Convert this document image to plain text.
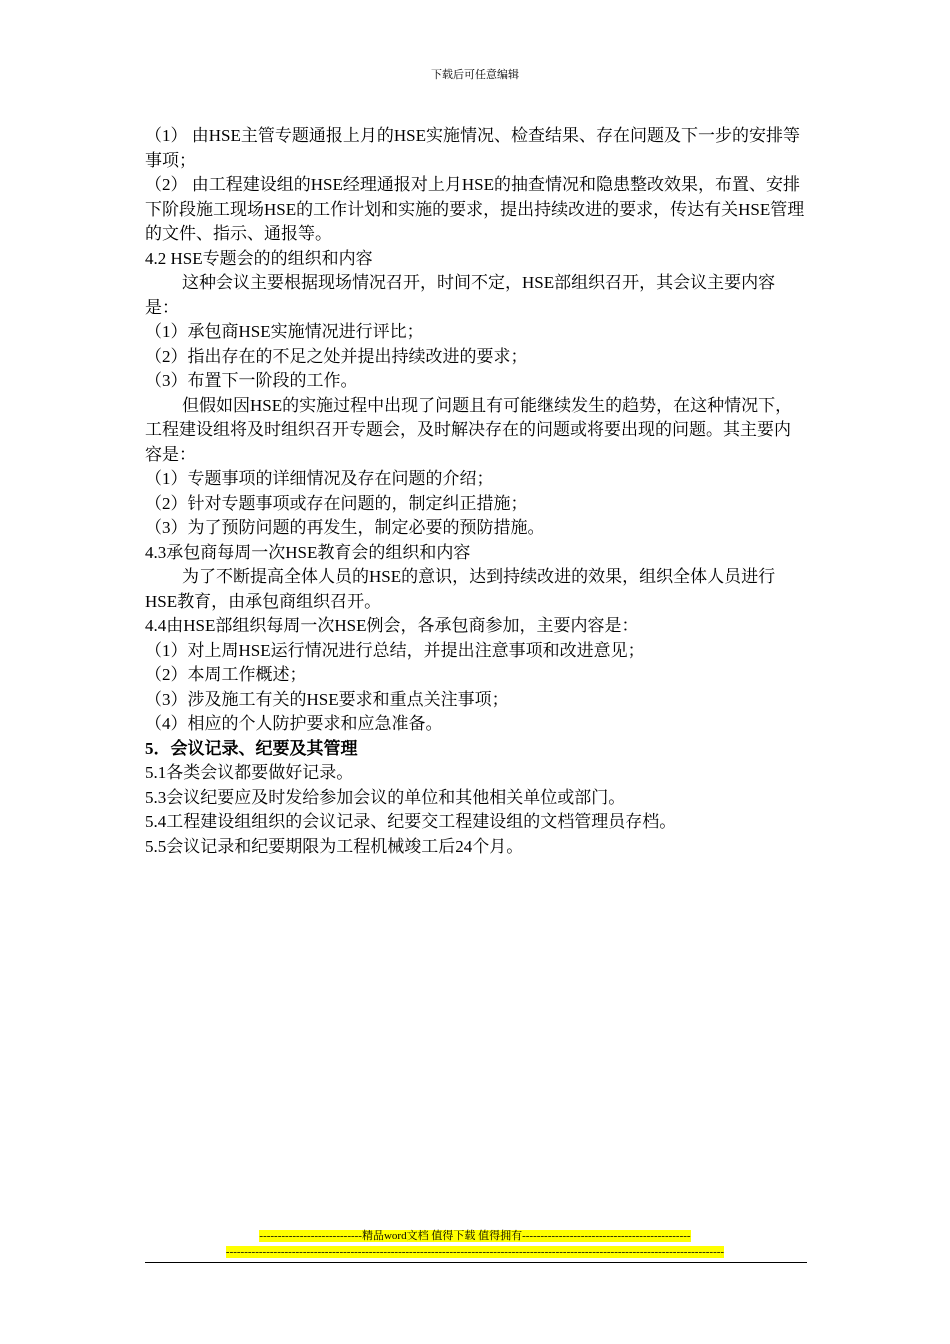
下载后可任意编辑

（1） 由HSE主管专题通报上月的HSE实施情况、检查结果、存在问题及下一步的安排等事项；

（2） 由工程建设组的HSE经理通报对上月HSE的抽查情况和隐患整改效果，布置、安排下阶段施工现场HSE的工作计划和实施的要求，提出持续改进的要求，传达有关HSE管理的文件、指示、通报等。

4.2 HSE专题会的的组织和内容

这种会议主要根据现场情况召开，时间不定，HSE部组织召开，其会议主要内容是：

（1）承包商HSE实施情况进行评比；

（2）指出存在的不足之处并提出持续改进的要求；

（3）布置下一阶段的工作。

但假如因HSE的实施过程中出现了问题且有可能继续发生的趋势，在这种情况下，工程建设组将及时组织召开专题会，及时解决存在的问题或将要出现的问题。其主要内容是：

（1）专题事项的详细情况及存在问题的介绍；

（2）针对专题事项或存在问题的，制定纠正措施；

（3）为了预防问题的再发生，制定必要的预防措施。

4.3承包商每周一次HSE教育会的组织和内容

为了不断提高全体人员的HSE的意识，达到持续改进的效果，组织全体人员进行HSE教育，由承包商组织召开。

4.4由HSE部组织每周一次HSE例会，各承包商参加，主要内容是：

（1）对上周HSE运行情况进行总结，并提出注意事项和改进意见；

（2）本周工作概述；

（3）涉及施工有关的HSE要求和重点关注事项；

（4）相应的个人防护要求和应急准备。

5．会议记录、纪要及其管理

5.1各类会议都要做好记录。

5.3会议纪要应及时发给参加会议的单位和其他相关单位或部门。

5.4工程建设组组织的会议记录、纪要交工程建设组的文档管理员存档。

5.5会议记录和纪要期限为工程机械竣工后24个月。

----------------------------精品word文档 值得下载 值得拥有----------------------------------------------
----------------------------------------------------------------------------------------------------------------------------------------
